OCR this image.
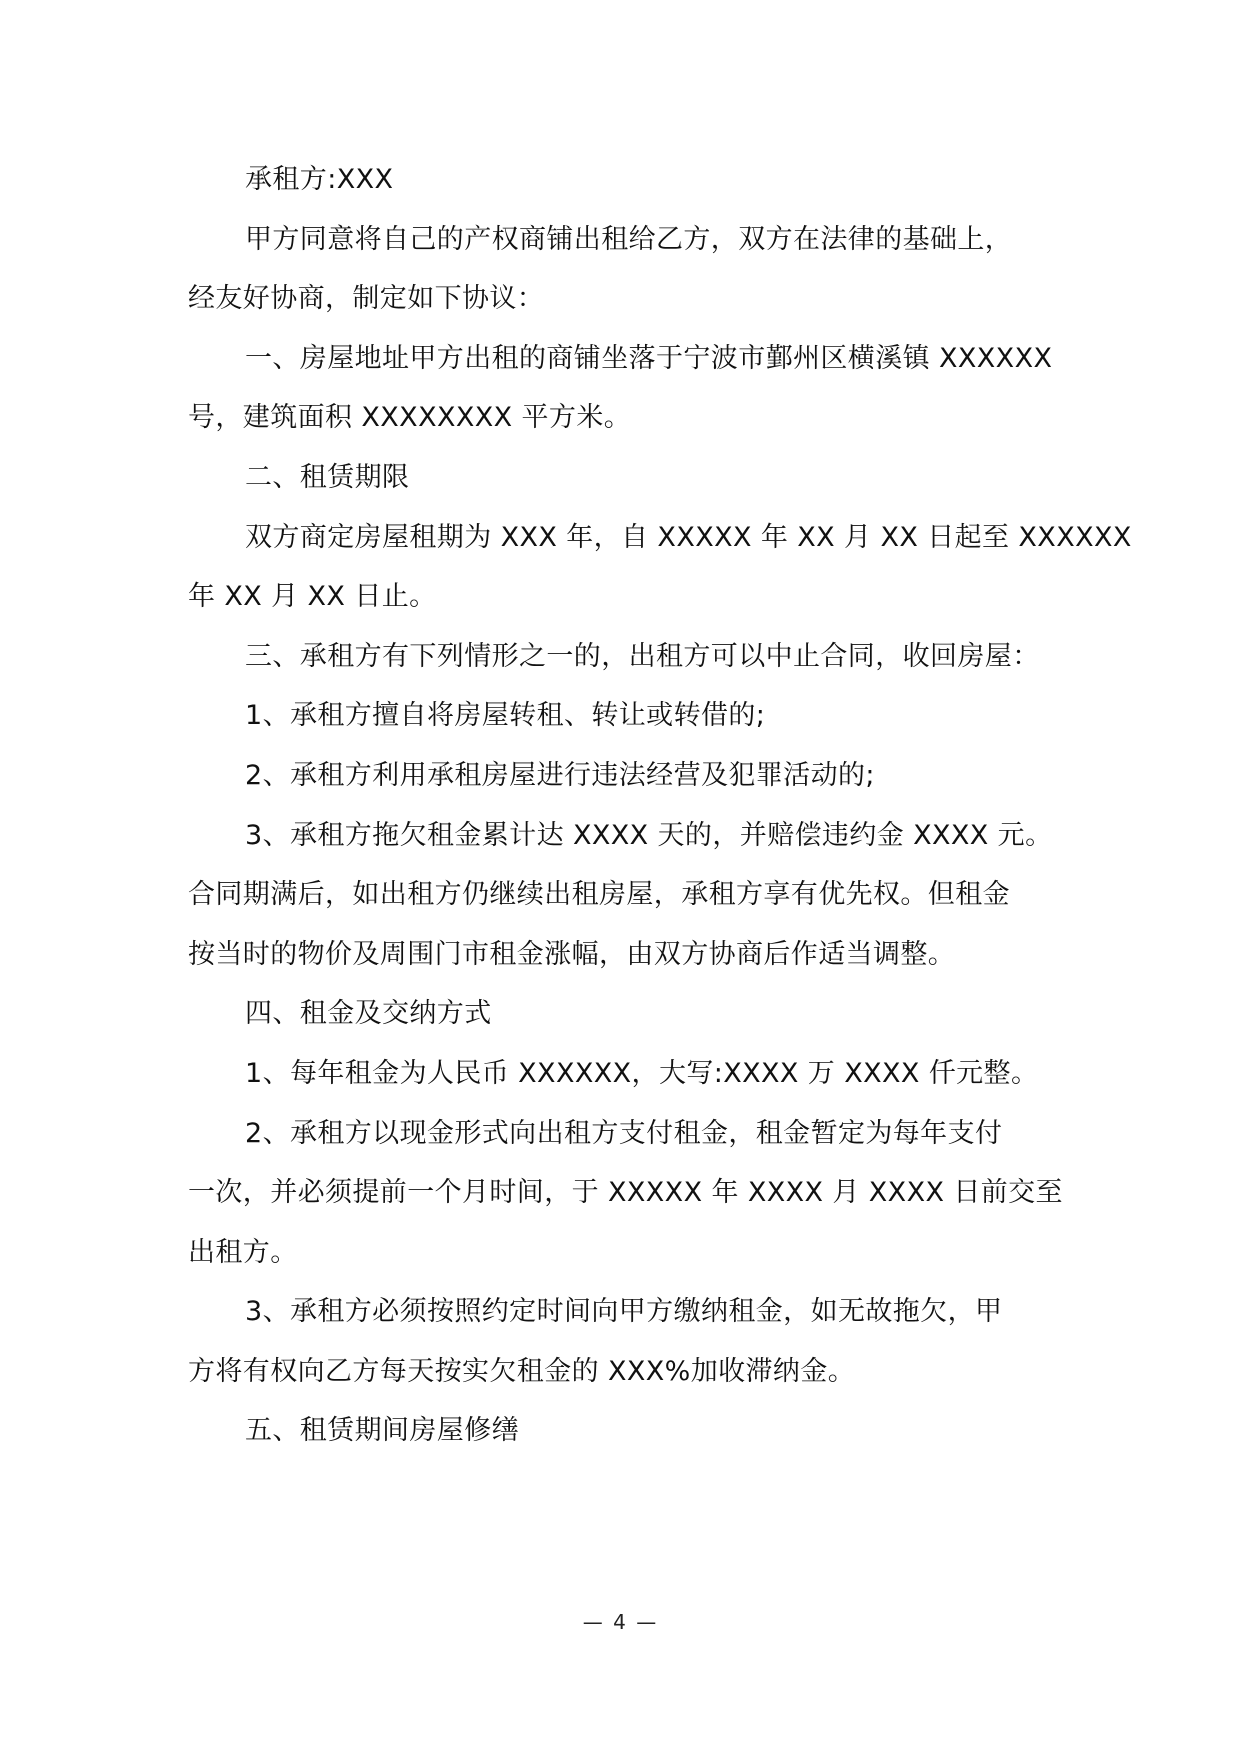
承租方:XXX
甲方同意将自己的产权商铺出租给乙方，双方在法律的基础上，
经友好协商，制定如下协议：
一、房屋地址甲方出租的商铺坐落于宁波市鄞州区横溪镇 XXXXXX
号，建筑面积 XXXXXXXX 平方米。
二、租赁期限
双方商定房屋租期为 XXX 年，自 XXXXX 年 XX 月 XX 日起至 XXXXXX
年 XX 月 XX 日止。
三、承租方有下列情形之一的，出租方可以中止合同，收回房屋：
1、承租方擅自将房屋转租、转让或转借的;
2、承租方利用承租房屋进行违法经营及犯罪活动的;
3、承租方拖欠租金累计达 XXXX 天的，并赔偿违约金 XXXX 元。
合同期满后，如出租方仍继续出租房屋，承租方享有优先权。但租金
按当时的物价及周围门市租金涨幅，由双方协商后作适当调整。
四、租金及交纳方式
1、每年租金为人民币 XXXXXX，大写:XXXX 万 XXXX 仟元整。
2、承租方以现金形式向出租方支付租金，租金暂定为每年支付
一次，并必须提前一个月时间，于 XXXXX 年 XXXX 月 XXXX 日前交至
出租方。
3、承租方必须按照约定时间向甲方缴纳租金，如无故拖欠，甲
方将有权向乙方每天按实欠租金的 XXX%加收滞纳金。
五、租赁期间房屋修缮
— 4 —
